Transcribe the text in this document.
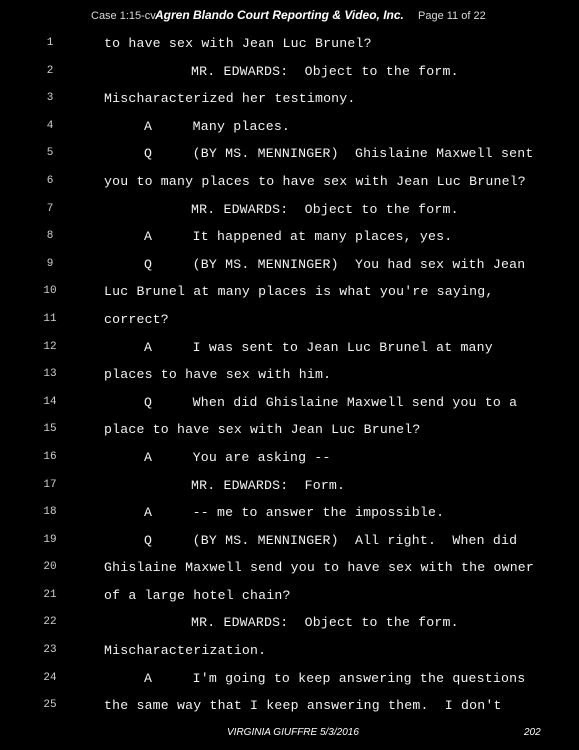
Case 1:15-cv-
Agren Blando Court Reporting & Video, Inc. Page 11 of 22
1	to have sex with Jean Luc Brunel?
2	MR. EDWARDS:  Object to the form.
3	Mischaracterized her testimony.
4	A     Many places.
5	Q     (BY MS. MENNINGER)  Ghislaine Maxwell sent
6	you to many places to have sex with Jean Luc Brunel?
7	MR. EDWARDS:  Object to the form.
8	A     It happened at many places, yes.
9	Q     (BY MS. MENNINGER)  You had sex with Jean
10	Luc Brunel at many places is what you're saying,
11	correct?
12	A     I was sent to Jean Luc Brunel at many
13	places to have sex with him.
14	Q     When did Ghislaine Maxwell send you to a
15	place to have sex with Jean Luc Brunel?
16	A     You are asking --
17	MR. EDWARDS:  Form.
18	A     -- me to answer the impossible.
19	Q     (BY MS. MENNINGER)  All right.  When did
20	Ghislaine Maxwell send you to have sex with the owner
21	of a large hotel chain?
22	MR. EDWARDS:  Object to the form.
23	Mischaracterization.
24	A     I'm going to keep answering the questions
25	the same way that I keep answering them.  I don't
VIRGINIA GIUFFRE 5/3/2016	202
